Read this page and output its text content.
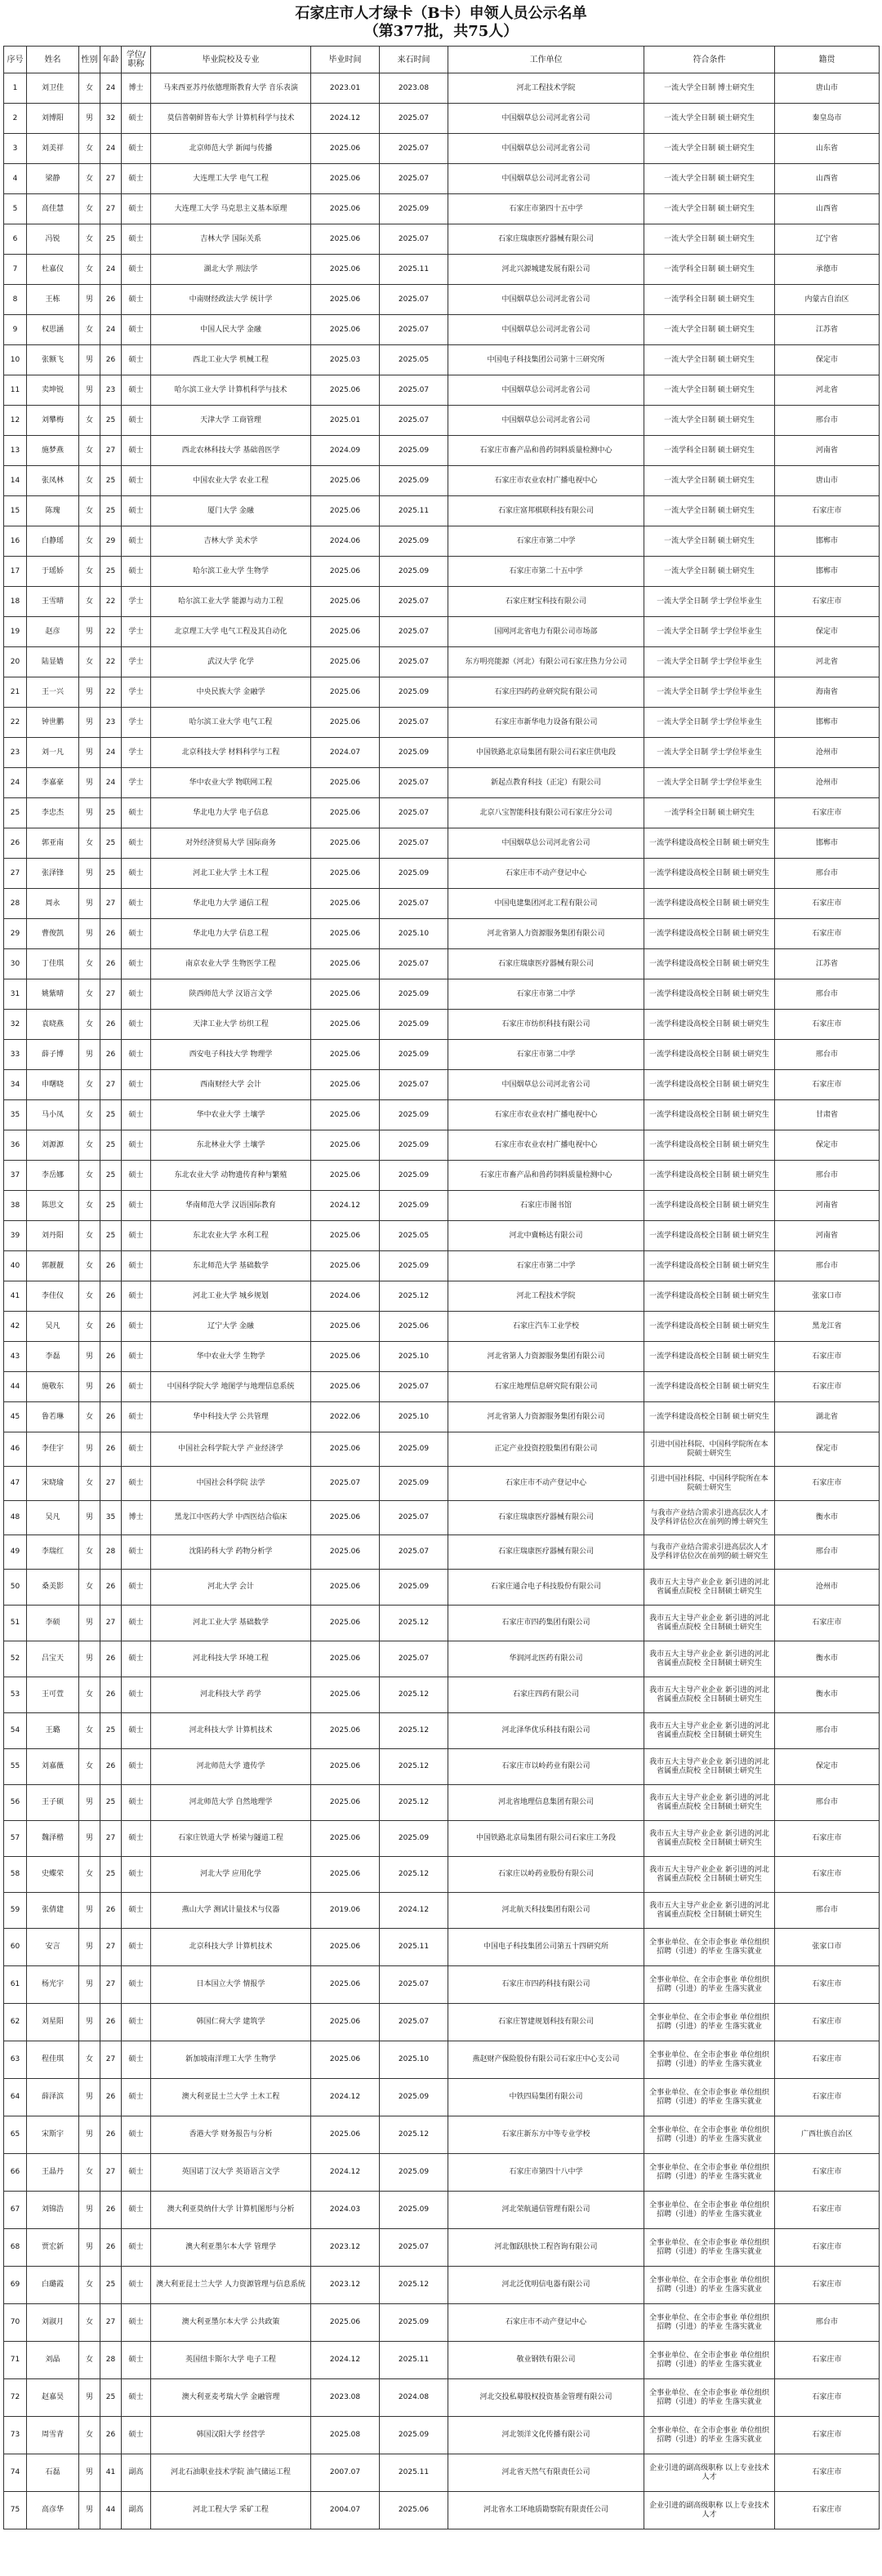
石家庄市人才绿卡（B卡）申领人员公示名单
（第377批，共75人）
序号	姓名	性别	年龄	学位/职称	毕业院校及专业	毕业时间	来石时间	工作单位	符合条件	籍贯
1	刘卫佳	女	24	博士	马来西亚苏丹依德理斯教育大学 音乐表演	2023.01	2023.08	河北工程技术学院	一流大学全日制 博士研究生	唐山市
2	刘博阳	男	32	硕士	莫信普朝鲜皆布大学 计算机科学与技术	2024.12	2025.07	中国烟草总公司河北省公司	一流大学全日制 硕士研究生	秦皇岛市
3	刘美祥	女	24	硕士	北京师范大学 新闻与传播	2025.06	2025.07	中国烟草总公司河北省公司	一流大学全日制 硕士研究生	山东省
4	梁静	女	27	硕士	大连理工大学 电气工程	2025.06	2025.07	中国烟草总公司河北省公司	一流大学全日制 硕士研究生	山西省
5	高佳慧	女	27	硕士	大连理工大学 马克思主义基本原理	2025.06	2025.09	石家庄市第四十五中学	一流大学全日制 硕士研究生	山西省
6	冯锐	女	25	硕士	吉林大学 国际关系	2025.06	2025.07	石家庄瑞康医疗器械有限公司	一流大学全日制 硕士研究生	辽宁省
7	杜嘉仪	女	24	硕士	湖北大学 刑法学	2025.06	2025.11	河北兴源城建发展有限公司	一流学科全日制 硕士研究生	承德市
8	王栋	男	26	硕士	中南财经政法大学 统计学	2025.06	2025.07	中国烟草总公司河北省公司	一流学科全日制 硕士研究生	内蒙古自治区
9	权思涵	女	24	硕士	中国人民大学 金融	2025.06	2025.07	中国烟草总公司河北省公司	一流大学全日制 硕士研究生	江苏省
10	张额飞	男	26	硕士	西北工业大学 机械工程	2025.03	2025.05	中国电子科技集团公司第十三研究所	一流大学全日制 硕士研究生	保定市
11	卖坤锐	男	23	硕士	哈尔滨工业大学 计算机科学与技术	2025.06	2025.07	中国烟草总公司河北省公司	一流大学全日制 硕士研究生	河北省
12	刘攀梅	女	25	硕士	天津大学 工商管理	2025.01	2025.07	中国烟草总公司河北省公司	一流大学全日制 硕士研究生	邢台市
13	施梦燕	女	27	硕士	西北农林科技大学 基础兽医学	2024.09	2025.09	石家庄市畜产品和兽药饲料质量检测中心	一流学科全日制 硕士研究生	河南省
14	张凤林	女	25	硕士	中国农业大学 农业工程	2025.06	2025.09	石家庄市农业农村广播电视中心	一流大学全日制 硕士研究生	唐山市
15	陈瑰	女	25	硕士	厦门大学 金融	2025.06	2025.11	石家庄富邦棋联科技有限公司	一流大学全日制 硕士研究生	石家庄市
16	白静瑶	女	29	硕士	吉林大学 美术学	2024.06	2025.09	石家庄市第二中学	一流大学全日制 硕士研究生	邯郸市
17	于瑶娇	女	25	硕士	哈尔滨工业大学 生物学	2025.06	2025.09	石家庄市第二十五中学	一流大学全日制 硕士研究生	邯郸市
18	王雪晴	女	22	学士	哈尔滨工业大学 能源与动力工程	2025.06	2025.07	石家庄财宝科技有限公司	一流大学全日制 学士学位毕业生	石家庄市
19	赵彦	男	22	学士	北京理工大学 电气工程及其自动化	2025.06	2025.07	国网河北省电力有限公司市场部	一流大学全日制 学士学位毕业生	保定市
20	陆显嫱	女	22	学士	武汉大学 化学	2025.06	2025.07	东方明亮能源（河北）有限公司石家庄热力分公司	一流大学全日制 学士学位毕业生	河北省
21	王一兴	男	22	学士	中央民族大学 金融学	2025.06	2025.09	石家庄四药药业研究院有限公司	一流大学全日制 学士学位毕业生	海南省
22	钟世鹏	男	23	学士	哈尔滨工业大学 电气工程	2025.06	2025.07	石家庄市新华电力设备有限公司	一流大学全日制 学士学位毕业生	邯郸市
23	刘一凡	男	24	学士	北京科技大学 材料科学与工程	2024.07	2025.09	中国铁路北京局集团有限公司石家庄供电段	一流大学全日制 学士学位毕业生	沧州市
24	李嘉豪	男	24	学士	华中农业大学 物联网工程	2025.06	2025.07	新起点教育科技（正定）有限公司	一流大学全日制 学士学位毕业生	沧州市
25	李忠杰	男	25	硕士	华北电力大学 电子信息	2025.06	2025.07	北京八宝智能科技有限公司石家庄分公司	一流学科全日制 硕士研究生	石家庄市
26	郭亚南	女	25	硕士	对外经济贸易大学 国际商务	2025.06	2025.07	中国烟草总公司河北省公司	一流学科建设高校全日制 硕士研究生	邯郸市
27	张泽锋	男	25	硕士	河北工业大学 土木工程	2025.06	2025.09	石家庄市不动产登记中心	一流学科建设高校全日制 硕士研究生	邢台市
28	周永	男	27	硕士	华北电力大学 通信工程	2025.06	2025.07	中国电建集团河北工程有限公司	一流学科建设高校全日制 硕士研究生	石家庄市
29	曹俊凯	男	26	硕士	华北电力大学 信息工程	2025.06	2025.10	河北省第人力资源服务集团有限公司	一流学科建设高校全日制 硕士研究生	石家庄市
30	丁佳琪	女	26	硕士	南京农业大学 生物医学工程	2025.06	2025.07	石家庄瑞康医疗器械有限公司	一流学科建设高校全日制 硕士研究生	江苏省
31	姚紫晴	女	27	硕士	陕西师范大学 汉语言文学	2025.06	2025.09	石家庄市第二中学	一流学科建设高校全日制 硕士研究生	邢台市
32	袁晓燕	女	26	硕士	天津工业大学 纺织工程	2025.06	2025.09	石家庄市纺织科技有限公司	一流学科建设高校全日制 硕士研究生	石家庄市
33	薛子博	男	26	硕士	西安电子科技大学 物理学	2025.06	2025.09	石家庄市第二中学	一流学科建设高校全日制 硕士研究生	邢台市
34	申曙晓	女	27	硕士	西南财经大学 会计	2025.06	2025.07	中国烟草总公司河北省公司	一流学科建设高校全日制 硕士研究生	石家庄市
35	马小凤	女	25	硕士	华中农业大学 土壤学	2025.06	2025.09	石家庄市农业农村广播电视中心	一流学科建设高校全日制 硕士研究生	甘肃省
36	刘源源	女	25	硕士	东北林业大学 土壤学	2025.06	2025.09	石家庄市农业农村广播电视中心	一流学科建设高校全日制 硕士研究生	保定市
37	李岳娜	女	25	硕士	东北农业大学 动物遗传育种与繁殖	2025.06	2025.09	石家庄市畜产品和兽药饲料质量检测中心	一流学科建设高校全日制 硕士研究生	邢台市
38	陈思文	女	25	硕士	华南师范大学 汉语国际教育	2024.12	2025.09	石家庄市图书馆	一流学科建设高校全日制 硕士研究生	河南省
39	刘丹阳	女	25	硕士	东北农业大学 水利工程	2025.06	2025.05	河北中冀畅达有限公司	一流学科建设高校全日制 硕士研究生	河南省
40	郭靓靓	女	26	硕士	东北师范大学 基础数学	2025.06	2025.09	石家庄市第二中学	一流学科建设高校全日制 硕士研究生	邢台市
41	李佳仪	女	26	硕士	河北工业大学 城乡规划	2024.06	2025.12	河北工程技术学院	一流学科建设高校全日制 硕士研究生	张家口市
42	吴凡	女	26	硕士	辽宁大学 金融	2025.06	2025.06	石家庄汽车工业学校	一流学科建设高校全日制 硕士研究生	黑龙江省
43	李磊	男	26	硕士	华中农业大学 生物学	2025.06	2025.10	河北省第人力资源服务集团有限公司	一流学科建设高校全日制 硕士研究生	石家庄市
44	施敬东	男	26	硕士	中国科学院大学 地图学与地理信息系统	2025.06	2025.07	石家庄地理信息研究院有限公司	一流学科建设高校全日制 硕士研究生	石家庄市
45	鲁若琳	女	26	硕士	华中科技大学 公共管理	2022.06	2025.10	河北省第人力资源服务集团有限公司	一流学科建设高校全日制 硕士研究生	湖北省
46	李佳宇	男	26	硕士	中国社会科学院大学 产业经济学	2025.06	2025.09	正定产业投资控股集团有限公司	引进中国社科院、中国科学院所在本 院硕士研究生	保定市
47	宋晓瑜	女	27	硕士	中国社会科学院 法学	2025.07	2025.09	石家庄市不动产登记中心	引进中国社科院、中国科学院所在本 院硕士研究生	石家庄市
48	吴凡	男	35	博士	黑龙江中医药大学 中西医结合临床	2025.06	2025.07	石家庄瑞康医疗器械有限公司	与我市产业结合需求引进高层次人才 及学科评估位次在前列的博士研究生	衡水市
49	李瑞红	女	28	硕士	沈阳药科大学 药物分析学	2025.06	2025.07	石家庄瑞康医疗器械有限公司	与我市产业结合需求引进高层次人才 及学科评估位次在前列的硕士研究生	邢台市
50	桑美影	女	26	硕士	河北大学 会计	2025.06	2025.09	石家庄通合电子科技股份有限公司	我市五大主导产业企业 新引进的河北省属重点院校 全日制硕士研究生	沧州市
51	李硕	男	27	硕士	河北工业大学 基础数学	2025.06	2025.12	石家庄市四药集团有限公司	我市五大主导产业企业 新引进的河北省属重点院校 全日制硕士研究生	石家庄市
52	吕宝天	男	26	硕士	河北科技大学 环境工程	2025.06	2025.07	华润河北医药有限公司	我市五大主导产业企业 新引进的河北省属重点院校 全日制硕士研究生	衡水市
53	王可萱	女	26	硕士	河北科技大学 药学	2025.06	2025.12	石家庄四药有限公司	我市五大主导产业企业 新引进的河北省属重点院校 全日制硕士研究生	衡水市
54	王璐	女	25	硕士	河北科技大学 计算机技术	2025.06	2025.12	河北泽华优乐科技有限公司	我市五大主导产业企业 新引进的河北省属重点院校 全日制硕士研究生	邢台市
55	刘嘉薇	女	26	硕士	河北师范大学 遗传学	2025.06	2025.12	石家庄市以岭药业有限公司	我市五大主导产业企业 新引进的河北省属重点院校 全日制硕士研究生	保定市
56	王子硕	男	25	硕士	河北师范大学 自然地理学	2025.06	2025.12	河北省地理信息集团有限公司	我市五大主导产业企业 新引进的河北省属重点院校 全日制硕士研究生	邢台市
57	魏泽楷	男	27	硕士	石家庄铁道大学 桥梁与隧道工程	2025.06	2025.09	中国铁路北京局集团有限公司石家庄工务段	我市五大主导产业企业 新引进的河北省属重点院校 全日制硕士研究生	石家庄市
58	史蝶荣	女	25	硕士	河北大学 应用化学	2025.06	2025.12	石家庄以岭药业股份有限公司	我市五大主导产业企业 新引进的河北省属重点院校 全日制硕士研究生	石家庄市
59	张倩建	男	26	硕士	燕山大学 测试计量技术与仪器	2019.06	2024.12	河北航天科技集团有限公司	我市五大主导产业企业 新引进的河北省属重点院校 全日制硕士研究生	邢台市
60	安言	男	27	硕士	北京科技大学 计算机技术	2025.06	2025.11	中国电子科技集团公司第五十四研究所	全事业单位、在全市企事业 单位组织招聘（引进）的毕业 生落实就业	张家口市
61	杨光宇	男	27	硕士	日本国立大学 情报学	2025.06	2025.07	石家庄市四药科技有限公司	全事业单位、在全市企事业 单位组织招聘（引进）的毕业 生落实就业	石家庄市
62	刘星阳	男	26	硕士	韩国仁荷大学 建筑学	2025.06	2025.07	石家庄智建规划科技有限公司	全事业单位、在全市企事业 单位组织招聘（引进）的毕业 生落实就业	石家庄市
63	程佳琪	女	27	硕士	新加坡南洋理工大学 生物学	2025.06	2025.10	燕赵财产保险股份有限公司石家庄中心支公司	全事业单位、在全市企事业 单位组织招聘（引进）的毕业 生落实就业	石家庄市
64	薛泽滨	男	26	硕士	澳大利亚昆士兰大学 土木工程	2024.12	2025.09	中铁四局集团有限公司	全事业单位、在全市企事业 单位组织招聘（引进）的毕业 生落实就业	石家庄市
65	宋斯宇	男	26	硕士	香港大学 财务报告与分析	2025.06	2025.12	石家庄新东方中等专业学校	全事业单位、在全市企事业 单位组织招聘（引进）的毕业 生落实就业	广西壮族自治区
66	王晶丹	女	27	硕士	英国诺丁汉大学 英语语言文学	2024.12	2025.09	石家庄市第四十八中学	全事业单位、在全市企事业 单位组织招聘（引进）的毕业 生落实就业	石家庄市
67	刘锦浩	男	26	硕士	澳大利亚莫纳什大学 计算机图形与分析	2024.03	2025.09	河北荣航通信管理有限公司	全事业单位、在全市企事业 单位组织招聘（引进）的毕业 生落实就业	石家庄市
68	贾宏新	男	26	硕士	澳大利亚墨尔本大学 管理学	2023.12	2025.07	河北伽跃肤快工程咨询有限公司	全事业单位、在全市企事业 单位组织招聘（引进）的毕业 生落实就业	石家庄市
69	白璐霞	女	25	硕士	澳大利亚昆士兰大学 人力资源管理与信息系统	2023.12	2025.12	河北泛优明信电器有限公司	全事业单位、在全市企事业 单位组织招聘（引进）的毕业 生落实就业	石家庄市
70	刘淑月	女	27	硕士	澳大利亚墨尔本大学 公共政策	2025.06	2025.09	石家庄市不动产登记中心	全事业单位、在全市企事业 单位组织招聘（引进）的毕业 生落实就业	邢台市
71	刘晶	女	28	硕士	英国纽卡斯尔大学 电子工程	2024.12	2025.11	敬业钢铁有限公司	全事业单位、在全市企事业 单位组织招聘（引进）的毕业 生落实就业	石家庄市
72	赵嘉昊	男	25	硕士	澳大利亚麦考瑞大学 金融管理	2023.08	2024.08	河北交投私募股权投资基金管理有限公司	全事业单位、在全市企事业 单位组织招聘（引进）的毕业 生落实就业	石家庄市
73	周雪青	女	26	硕士	韩国汉阳大学 经营学	2025.08	2025.09	河北领洋文化传播有限公司	全事业单位、在全市企事业 单位组织招聘（引进）的毕业 生落实就业	石家庄市
74	石磊	男	41	副高	河北石油职业技术学院 油气储运工程	2007.07	2025.11	河北省天然气有限责任公司	企业引进的副高级职称 以上专业技术人才	石家庄市
75	高彦华	男	44	副高	河北工程大学 采矿工程	2004.07	2025.06	河北省水工环地质勘察院有限责任公司	企业引进的副高级职称 以上专业技术人才	石家庄市
